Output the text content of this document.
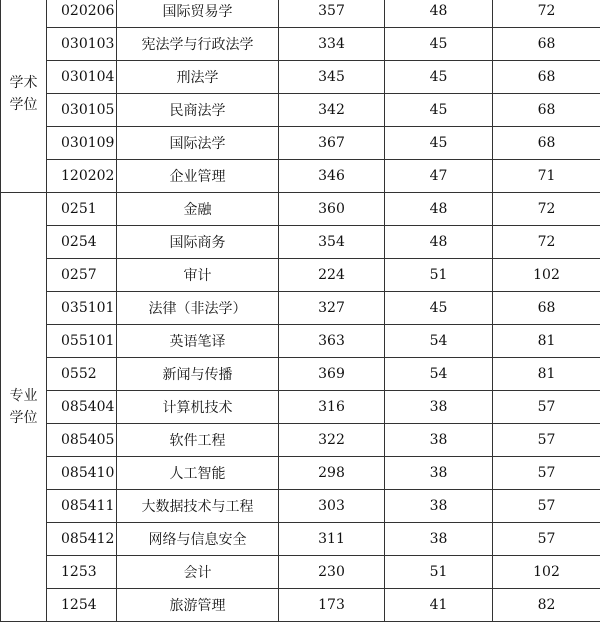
学术
学位	020206	国际贸易学	357	48	72
	030103	宪法学与行政法学	334	45	68
	030104	刑法学	345	45	68
	030105	民商法学	342	45	68
	030109	国际法学	367	45	68
	120202	企业管理	346	47	71

专业
学位	0251	金融	360	48	72
	0254	国际商务	354	48	72
	0257	审计	224	51	102
	035101	法律（非法学）	327	45	68
	055101	英语笔译	363	54	81
	0552	新闻与传播	369	54	81
	085404	计算机技术	316	38	57
	085405	软件工程	322	38	57
	085410	人工智能	298	38	57
	085411	大数据技术与工程	303	38	57
	085412	网络与信息安全	311	38	57
	1253	会计	230	51	102
	1254	旅游管理	173	41	82
